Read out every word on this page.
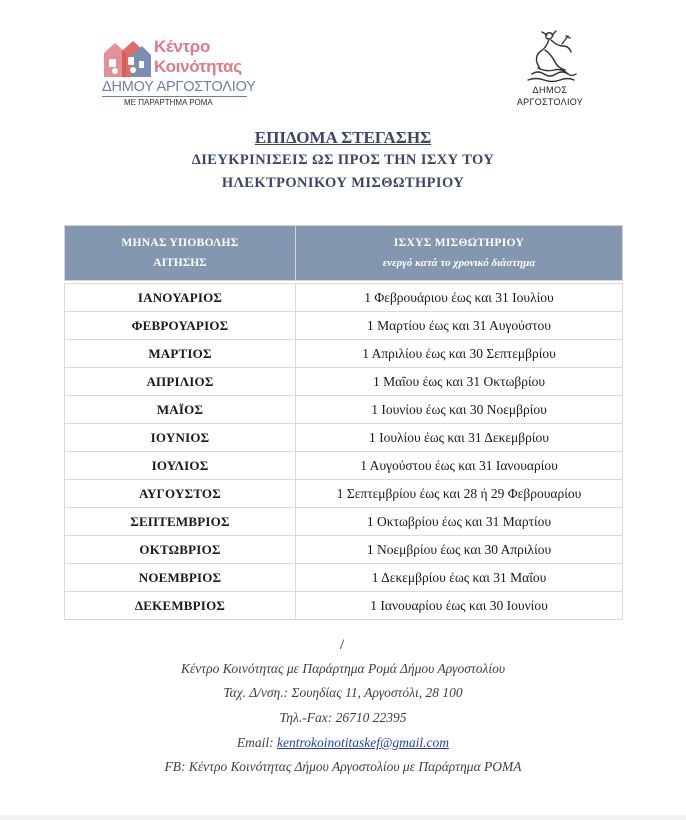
Κέντρο
Κοινότητας
ΔΗΜΟΥ ΑΡΓΟΣΤΟΛΙΟΥ
ΜΕ ΠΑΡΑΡΤΗΜΑ ΡΟΜΑ
ΔΗΜΟΣ
ΑΡΓΟΣΤΟΛΙΟΥ
ΕΠΙΔΟΜΑ ΣΤΕΓΑΣΗΣ
ΔΙΕΥΚΡΙΝΙΣΕΙΣ ΩΣ ΠΡΟΣ ΤΗΝ ΙΣΧΥ ΤΟΥ
ΗΛΕΚΤΡΟΝΙΚΟΥ ΜΙΣΘΩΤΗΡΙΟΥ
ΜΗΝΑΣ ΥΠΟΒΟΛΗΣ
ΑΙΤΗΣΗΣ	ΙΣΧΥΣ ΜΙΣΘΩΤΗΡΙΟΥ
ενεργό κατά το χρονικό διάστημα

ΙΑΝΟΥΑΡΙΟΣ	1 Φεβρουάριου έως και 31 Ιουλίου
ΦΕΒΡΟΥΑΡΙΟΣ	1 Μαρτίου έως και 31 Αυγούστου
ΜΑΡΤΙΟΣ	1 Απριλίου έως και 30 Σεπτεμβρίου
ΑΠΡΙΛΙΟΣ	1 Μαΐου έως και 31 Οκτωβρίου
ΜΑΪΟΣ	1 Ιουνίου έως και 30 Νοεμβρίου
ΙΟΥΝΙΟΣ	1 Ιουλίου έως και 31 Δεκεμβρίου
ΙΟΥΛΙΟΣ	1 Αυγούστου έως και 31 Ιανουαρίου
ΑΥΓΟΥΣΤΟΣ	1 Σεπτεμβρίου έως και 28 ή 29 Φεβρουαρίου
ΣΕΠΤΕΜΒΡΙΟΣ	1 Οκτωβρίου έως και 31 Μαρτίου
ΟΚΤΩΒΡΙΟΣ	1 Νοεμβρίου έως και 30 Απριλίου
ΝΟΕΜΒΡΙΟΣ	1 Δεκεμβρίου έως και 31 Μαΐου
ΔΕΚΕΜΒΡΙΟΣ	1 Ιανουαρίου έως και 30 Ιουνίου
/
Κέντρο Κοινότητας με Παράρτημα Ρομά Δήμου Αργοστολίου
Ταχ. Δ/νση.: Σουηδίας 11, Αργοστόλι, 28 100
Τηλ.-Fax: 26710 22395
Email: kentrokoinotitaskef@gmail.com
FB: Κέντρο Κοινότητας Δήμου Αργοστολίου με Παράρτημα ΡΟΜΑ
